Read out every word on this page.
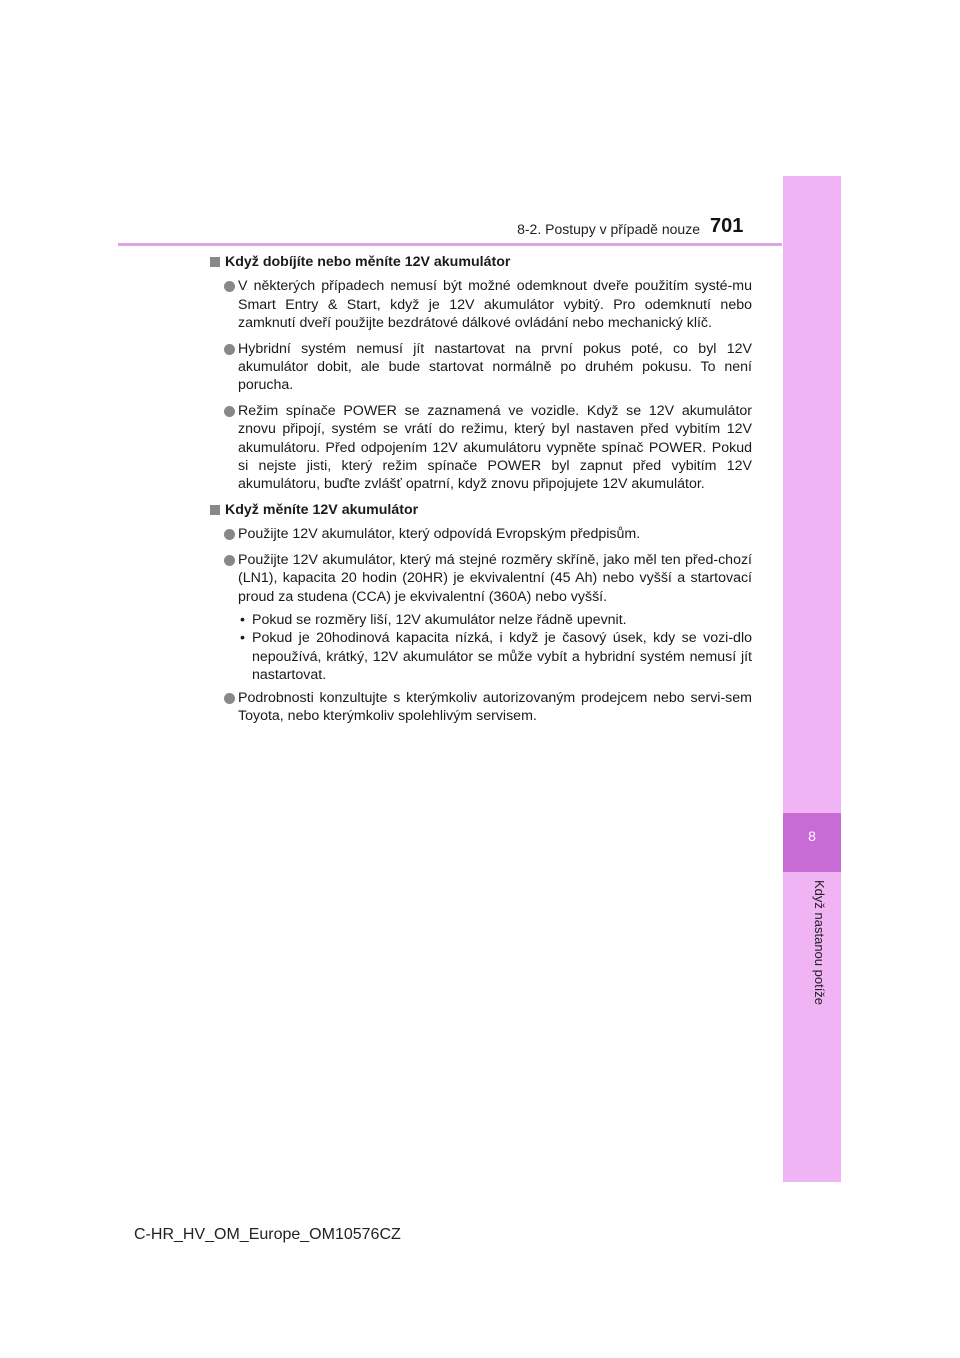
8
Když nastanou potíže
8-2. Postupy v případě nouze 701

Když dobíjíte nebo měníte 12V akumulátor

V některých případech nemusí být možné odemknout dveře použitím systé-mu Smart Entry & Start, když je 12V akumulátor vybitý. Pro odemknutí nebo zamknutí dveří použijte bezdrátové dálkové ovládání nebo mechanický klíč.

Hybridní systém nemusí jít nastartovat na první pokus poté, co byl 12V akumulátor dobit, ale bude startovat normálně po druhém pokusu. To není porucha.

Režim spínače POWER se zaznamená ve vozidle. Když se 12V akumulátor znovu připojí, systém se vrátí do režimu, který byl nastaven před vybitím 12V akumulátoru. Před odpojením 12V akumulátoru vypněte spínač POWER. Pokud si nejste jisti, který režim spínače POWER byl zapnut před vybitím 12V akumulátoru, buďte zvlášť opatrní, když znovu připojujete 12V akumulátor.

Když měníte 12V akumulátor

Použijte 12V akumulátor, který odpovídá Evropským předpisům.

Použijte 12V akumulátor, který má stejné rozměry skříně, jako měl ten před-chozí (LN1), kapacita 20 hodin (20HR) je ekvivalentní (45 Ah) nebo vyšší a startovací proud za studena (CCA) je ekvivalentní (360A) nebo vyšší.

• Pokud se rozměry liší, 12V akumulátor nelze řádně upevnit.

• Pokud je 20hodinová kapacita nízká, i když je časový úsek, kdy se vozi-dlo nepoužívá, krátký, 12V akumulátor se může vybít a hybridní systém nemusí jít nastartovat.

Podrobnosti konzultujte s kterýmkoliv autorizovaným prodejcem nebo servi-sem Toyota, nebo kterýmkoliv spolehlivým servisem.

C-HR_HV_OM_Europe_OM10576CZ
